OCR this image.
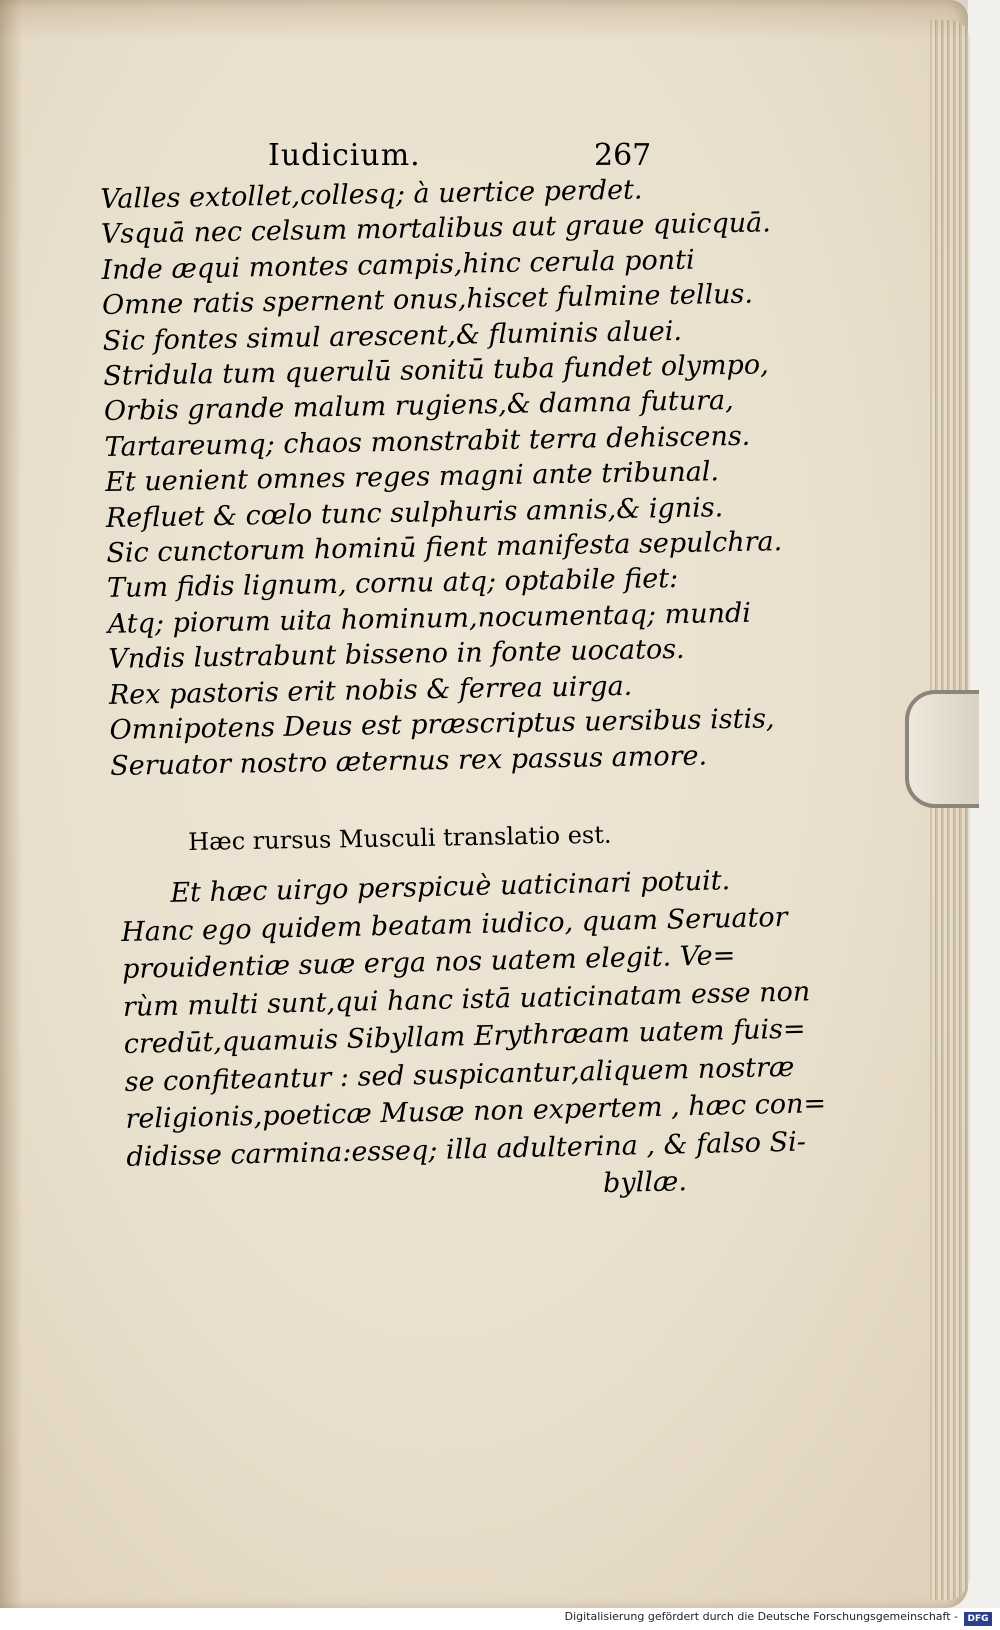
Iudicium.	267
Valles extollet,collesq; à uertice perdet.
Vsquā nec celsum mortalibus aut graue quicquā.
Inde æqui montes campis,hinc cerula ponti
Omne ratis spernent onus,hiscet fulmine tellus.
Sic fontes simul arescent,& fluminis aluei.
Stridula tum querulū sonitū tuba fundet olympo,
Orbis grande malum rugiens,& damna futura,
Tartareumq; chaos monstrabit terra dehiscens.
Et uenient omnes reges magni ante tribunal.
Refluet & cœlo tunc sulphuris amnis,& ignis.
Sic cunctorum hominū fient manifesta sepulchra.
Tum fidis lignum, cornu atq; optabile fiet:
Atq; piorum uita hominum,nocumentaq; mundi
Vndis lustrabunt bisseno in fonte uocatos.
Rex pastoris erit nobis & ferrea uirga.
Omnipotens Deus est præscriptus uersibus istis,
Seruator nostro æternus rex passus amore.
Hæc rursus Musculi translatio est.
Et hæc uirgo perspicuè uaticinari potuit.
Hanc ego quidem beatam iudico, quam Seruator
prouidentiæ suæ erga nos uatem elegit. Ve=
rùm multi sunt,qui hanc istā uaticinatam esse non
credūt,quamuis Sibyllam Erythræam uatem fuis=
se confiteantur : sed suspicantur,aliquem nostræ
religionis,poeticæ Musæ non expertem , hæc con=
didisse carmina:esseq; illa adulterina , & falso Si-
byllæ.
Digitalisierung gefördert durch die Deutsche Forschungsgemeinschaft -	DFG
